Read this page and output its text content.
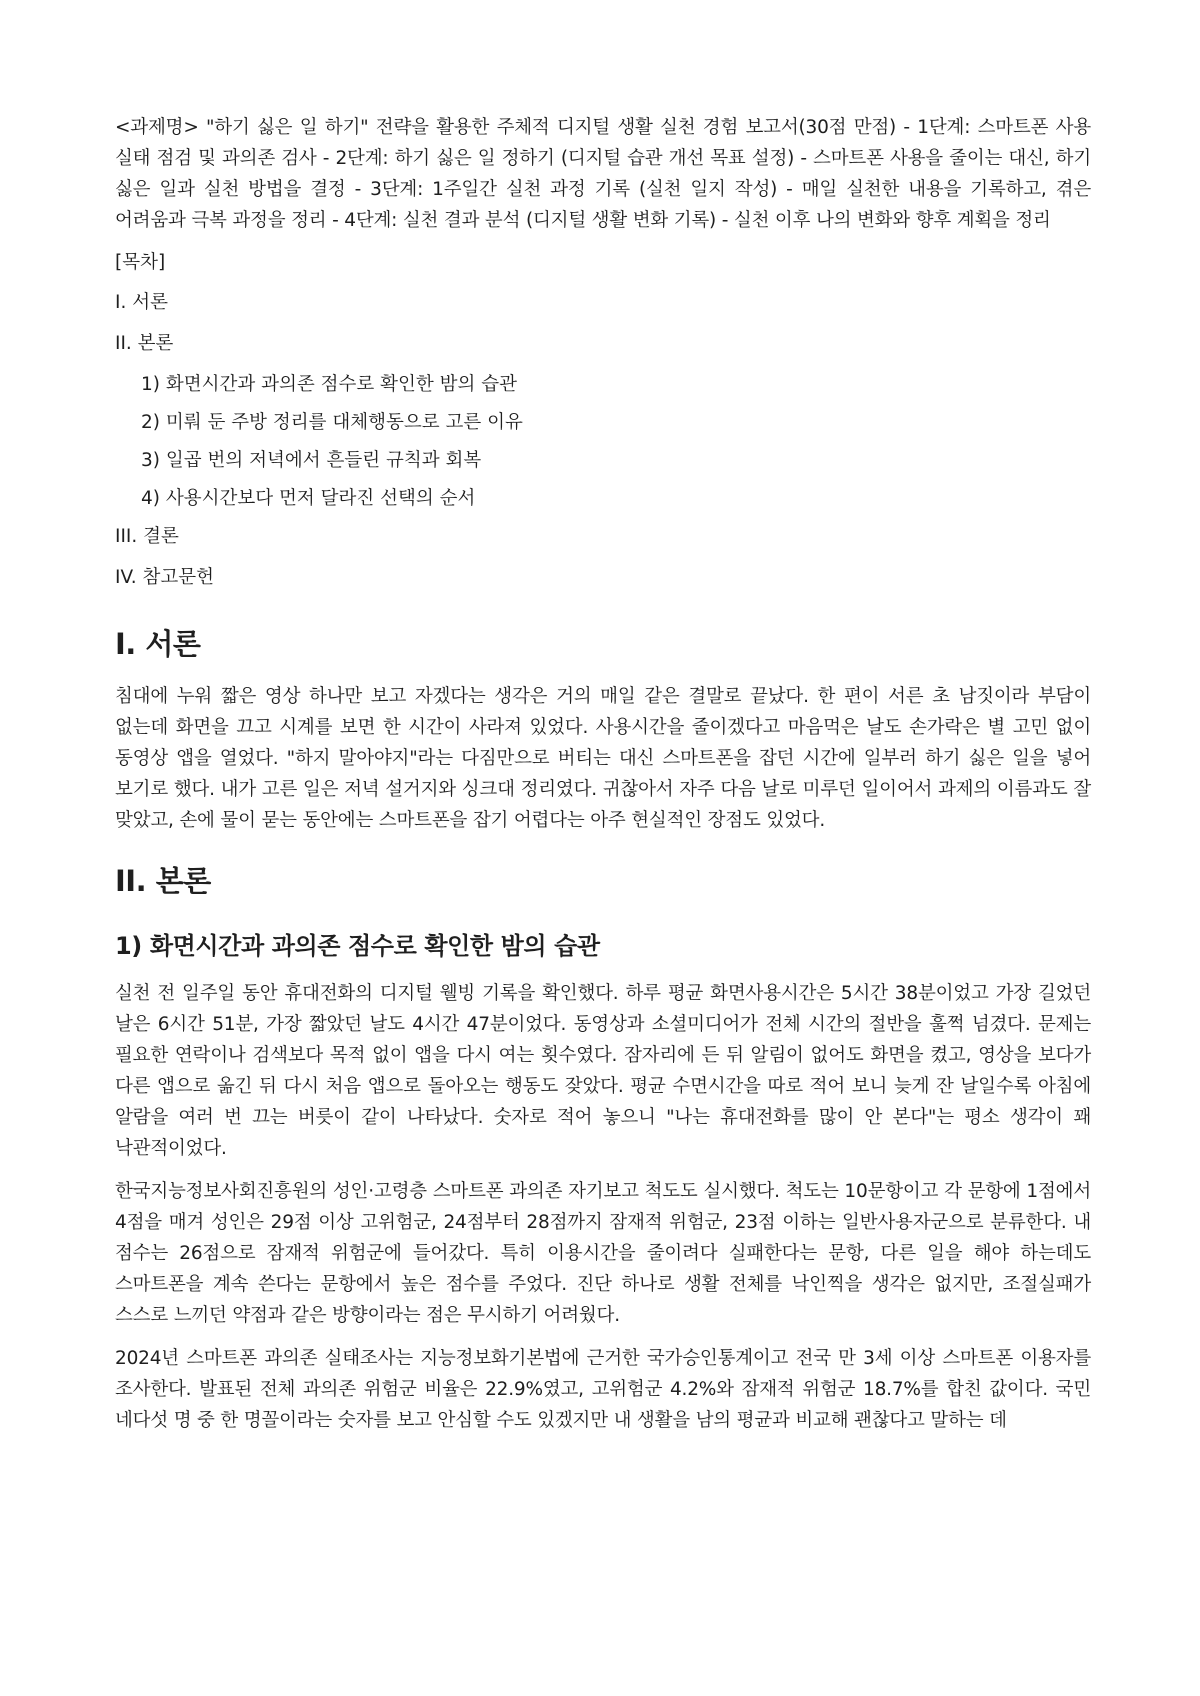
<과제명> "하기 싫은 일 하기" 전략을 활용한 주체적 디지털 생활 실천 경험 보고서(30점 만점) - 1단계: 스마트폰 사용 실태 점검 및 과의존 검사 - 2단계: 하기 싫은 일 정하기 (디지털 습관 개선 목표 설정) - 스마트폰 사용을 줄이는 대신, 하기 싫은 일과 실천 방법을 결정 - 3단계: 1주일간 실천 과정 기록 (실천 일지 작성) - 매일 실천한 내용을 기록하고, 겪은 어려움과 극복 과정을 정리 - 4단계: 실천 결과 분석 (디지털 생활 변화 기록) - 실천 이후 나의 변화와 향후 계획을 정리

[목차]

I. 서론
II. 본론
1) 화면시간과 과의존 점수로 확인한 밤의 습관
2) 미뤄 둔 주방 정리를 대체행동으로 고른 이유
3) 일곱 번의 저녁에서 흔들린 규칙과 회복
4) 사용시간보다 먼저 달라진 선택의 순서
III. 결론
IV. 참고문헌
I. 서론

침대에 누워 짧은 영상 하나만 보고 자겠다는 생각은 거의 매일 같은 결말로 끝났다. 한 편이 서른 초 남짓이라 부담이 없는데 화면을 끄고 시계를 보면 한 시간이 사라져 있었다. 사용시간을 줄이겠다고 마음먹은 날도 손가락은 별 고민 없이 동영상 앱을 열었다. "하지 말아야지"라는 다짐만으로 버티는 대신 스마트폰을 잡던 시간에 일부러 하기 싫은 일을 넣어 보기로 했다. 내가 고른 일은 저녁 설거지와 싱크대 정리였다. 귀찮아서 자주 다음 날로 미루던 일이어서 과제의 이름과도 잘 맞았고, 손에 물이 묻는 동안에는 스마트폰을 잡기 어렵다는 아주 현실적인 장점도 있었다.

II. 본론
1) 화면시간과 과의존 점수로 확인한 밤의 습관

실천 전 일주일 동안 휴대전화의 디지털 웰빙 기록을 확인했다. 하루 평균 화면사용시간은 5시간 38분이었고 가장 길었던 날은 6시간 51분, 가장 짧았던 날도 4시간 47분이었다. 동영상과 소셜미디어가 전체 시간의 절반을 훌쩍 넘겼다. 문제는 필요한 연락이나 검색보다 목적 없이 앱을 다시 여는 횟수였다. 잠자리에 든 뒤 알림이 없어도 화면을 켰고, 영상을 보다가 다른 앱으로 옮긴 뒤 다시 처음 앱으로 돌아오는 행동도 잦았다. 평균 수면시간을 따로 적어 보니 늦게 잔 날일수록 아침에 알람을 여러 번 끄는 버릇이 같이 나타났다. 숫자로 적어 놓으니 "나는 휴대전화를 많이 안 본다"는 평소 생각이 꽤 낙관적이었다.

한국지능정보사회진흥원의 성인·고령층 스마트폰 과의존 자기보고 척도도 실시했다. 척도는 10문항이고 각 문항에 1점에서 4점을 매겨 성인은 29점 이상 고위험군, 24점부터 28점까지 잠재적 위험군, 23점 이하는 일반사용자군으로 분류한다. 내 점수는 26점으로 잠재적 위험군에 들어갔다. 특히 이용시간을 줄이려다 실패한다는 문항, 다른 일을 해야 하는데도 스마트폰을 계속 쓴다는 문항에서 높은 점수를 주었다. 진단 하나로 생활 전체를 낙인찍을 생각은 없지만, 조절실패가 스스로 느끼던 약점과 같은 방향이라는 점은 무시하기 어려웠다.

2024년 스마트폰 과의존 실태조사는 지능정보화기본법에 근거한 국가승인통계이고 전국 만 3세 이상 스마트폰 이용자를 조사한다. 발표된 전체 과의존 위험군 비율은 22.9%였고, 고위험군 4.2%와 잠재적 위험군 18.7%를 합친 값이다. 국민 네다섯 명 중 한 명꼴이라는 숫자를 보고 안심할 수도 있겠지만 내 생활을 남의 평균과 비교해 괜찮다고 말하는 데
